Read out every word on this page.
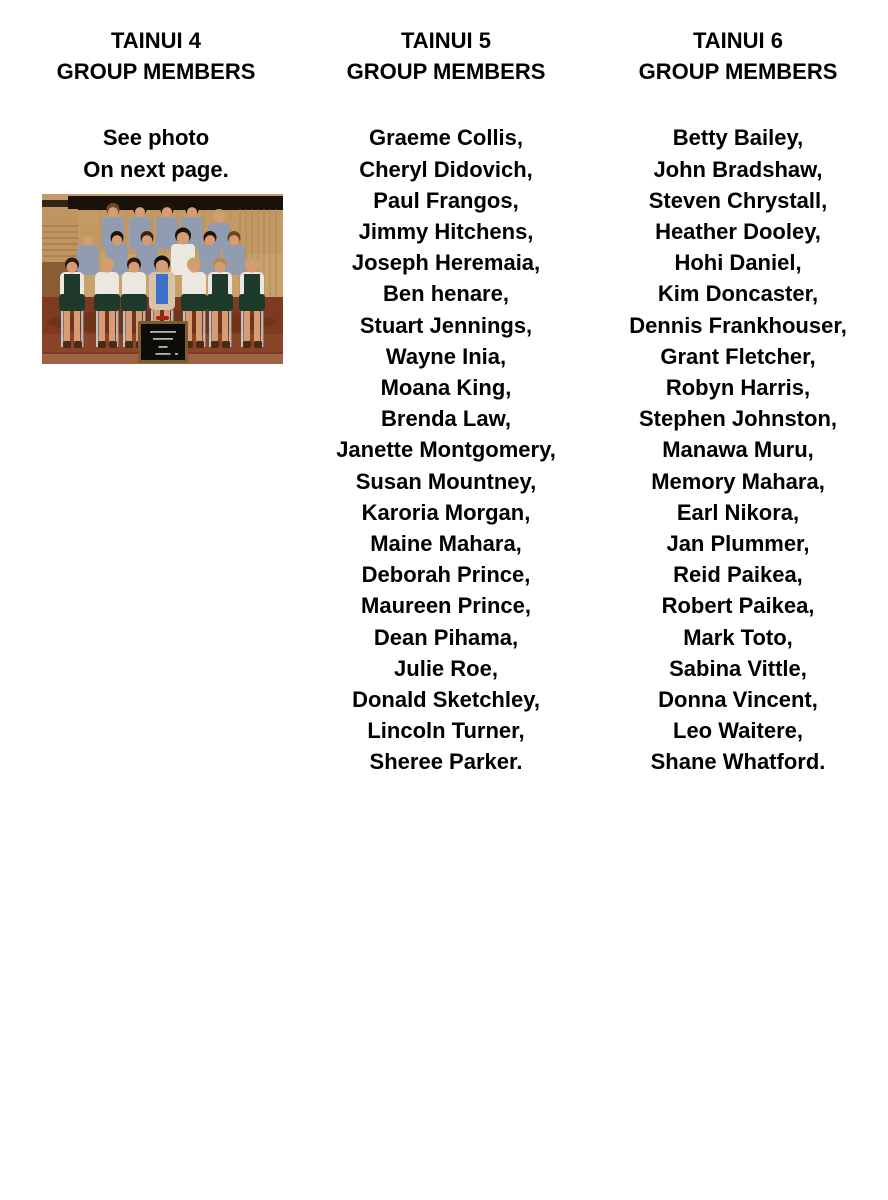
TAINUI 4
GROUP MEMBERS
See photo
On next page.
TAINUI 5
GROUP MEMBERS
Graeme Collis,
Cheryl Didovich,
Paul Frangos,
Jimmy Hitchens,
Joseph Heremaia,
Ben henare,
Stuart Jennings,
Wayne Inia,
Moana King,
Brenda Law,
Janette Montgomery,
Susan Mountney,
Karoria Morgan,
Maine Mahara,
Deborah Prince,
Maureen Prince,
Dean Pihama,
Julie Roe,
Donald Sketchley,
Lincoln Turner,
Sheree Parker.
TAINUI 6
GROUP MEMBERS
Betty Bailey,
John Bradshaw,
Steven Chrystall,
Heather Dooley,
Hohi Daniel,
Kim Doncaster,
Dennis Frankhouser,
Grant Fletcher,
Robyn Harris,
Stephen Johnston,
Manawa Muru,
Memory Mahara,
Earl Nikora,
Jan Plummer,
Reid Paikea,
Robert Paikea,
Mark Toto,
Sabina Vittle,
Donna Vincent,
Leo Waitere,
Shane Whatford.
